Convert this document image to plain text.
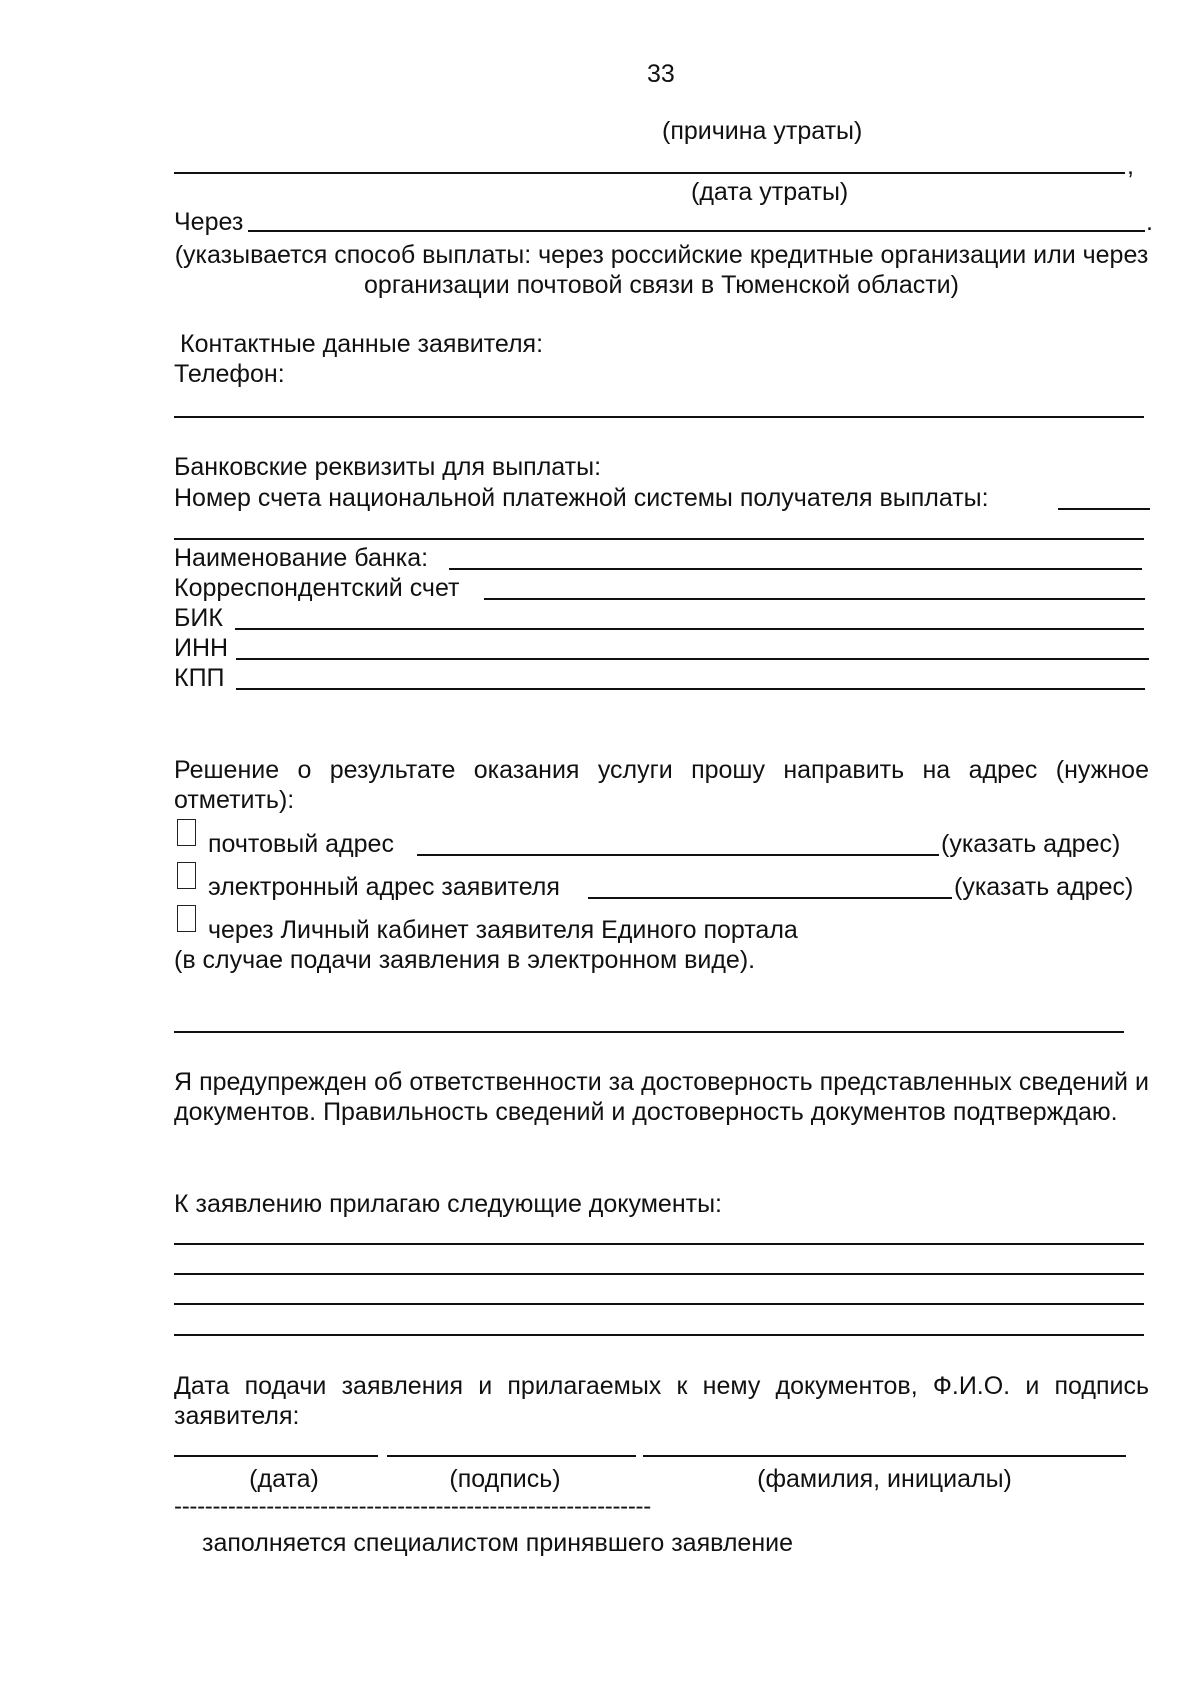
33
(причина утраты)
,
(дата утраты)
Через	.
(указывается способ выплаты: через российские кредитные организации или через организации почтовой связи в Тюменской области)
Контактные данные заявителя:
Телефон:
Банковские реквизиты для выплаты:
Номер счета национальной платежной системы получателя выплаты:
Наименование банка:
Корреспондентский счет
БИК
ИНН
КПП
Решение о результате оказания услуги прошу направить на адрес (нужное отметить):
почтовый адрес	(указать адрес)
электронный адрес заявителя	(указать адрес)
через Личный кабинет заявителя Единого портала
(в случае подачи заявления в электронном виде).
Я предупрежден об ответственности за достоверность представленных сведений и документов. Правильность сведений и достоверность документов подтверждаю.
К заявлению прилагаю следующие документы:
Дата подачи заявления и прилагаемых к нему документов, Ф.И.О. и подпись заявителя:
(дата)	(подпись)	(фамилия, инициалы)
--------------------------------------------------------------
заполняется специалистом принявшего заявление
